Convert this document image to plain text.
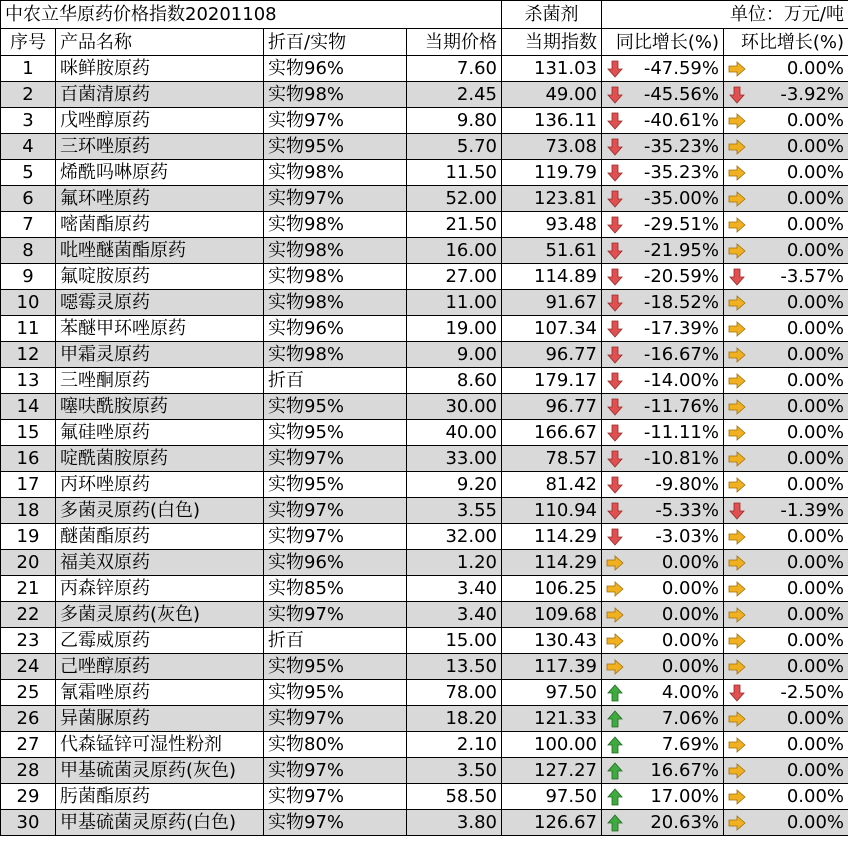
中农立华原药价格指数20201108				杀菌剂	单位：万元/吨	
序号	产品名称	折百/实物	当期价格	当期指数	同比增长(%)	环比增长(%)
1	咪鲜胺原药	实物96%	7.60	131.03	-47.59%	0.00%

2	百菌清原药	实物98%	2.45	49.00	-45.56%	-3.92%

3	戊唑醇原药	实物97%	9.80	136.11	-40.61%	0.00%

4	三环唑原药	实物95%	5.70	73.08	-35.23%	0.00%

5	烯酰吗啉原药	实物98%	11.50	119.79	-35.23%	0.00%

6	氟环唑原药	实物97%	52.00	123.81	-35.00%	0.00%

7	嘧菌酯原药	实物98%	21.50	93.48	-29.51%	0.00%

8	吡唑醚菌酯原药	实物98%	16.00	51.61	-21.95%	0.00%

9	氟啶胺原药	实物98%	27.00	114.89	-20.59%	-3.57%

10	噁霉灵原药	实物98%	11.00	91.67	-18.52%	0.00%

11	苯醚甲环唑原药	实物96%	19.00	107.34	-17.39%	0.00%

12	甲霜灵原药	实物98%	9.00	96.77	-16.67%	0.00%

13	三唑酮原药	折百	8.60	179.17	-14.00%	0.00%

14	噻呋酰胺原药	实物95%	30.00	96.77	-11.76%	0.00%

15	氟硅唑原药	实物95%	40.00	166.67	-11.11%	0.00%

16	啶酰菌胺原药	实物97%	33.00	78.57	-10.81%	0.00%

17	丙环唑原药	实物95%	9.20	81.42	-9.80%	0.00%

18	多菌灵原药(白色)	实物97%	3.55	110.94	-5.33%	-1.39%

19	醚菌酯原药	实物97%	32.00	114.29	-3.03%	0.00%

20	福美双原药	实物96%	1.20	114.29	0.00%	0.00%

21	丙森锌原药	实物85%	3.40	106.25	0.00%	0.00%

22	多菌灵原药(灰色)	实物97%	3.40	109.68	0.00%	0.00%

23	乙霉威原药	折百	15.00	130.43	0.00%	0.00%

24	己唑醇原药	实物95%	13.50	117.39	0.00%	0.00%

25	氰霜唑原药	实物95%	78.00	97.50	4.00%	-2.50%

26	异菌脲原药	实物97%	18.20	121.33	7.06%	0.00%

27	代森锰锌可湿性粉剂	实物80%	2.10	100.00	7.69%	0.00%

28	甲基硫菌灵原药(灰色)	实物97%	3.50	127.27	16.67%	0.00%

29	肟菌酯原药	实物97%	58.50	97.50	17.00%	0.00%

30	甲基硫菌灵原药(白色)	实物97%	3.80	126.67	20.63%	0.00%
